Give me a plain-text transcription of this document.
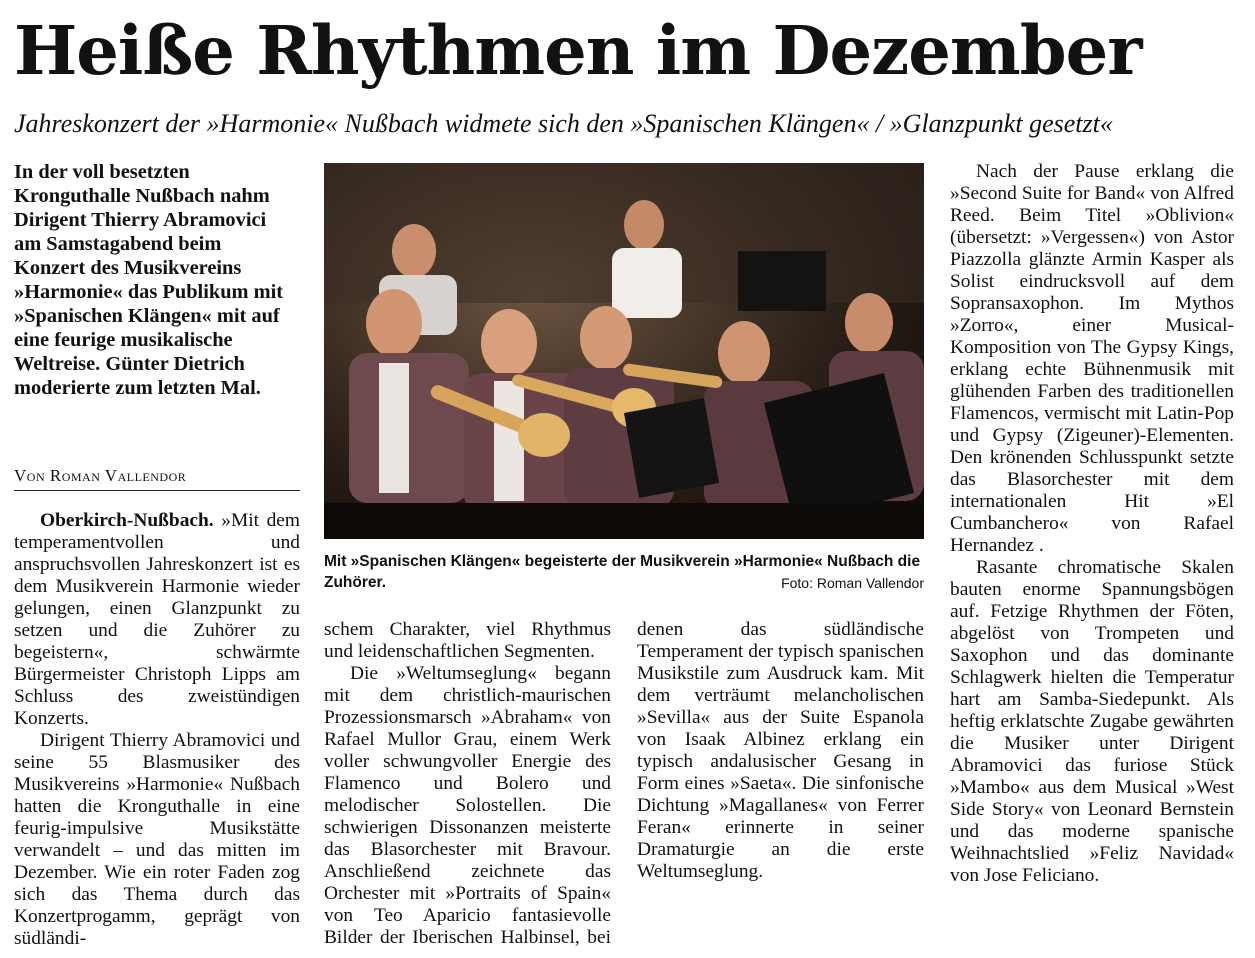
Heiße Rhythmen im Dezember
Jahreskonzert der »Harmonie« Nußbach widmete sich den »Spanischen Klängen« / »Glanzpunkt gesetzt«
In der voll besetzten Kronguthalle Nußbach nahm Dirigent Thierry Abramovici am Samstagabend beim Konzert des Musikvereins »Harmonie« das Publikum mit »Spanischen Klängen« mit auf eine feurige musikalische Weltreise. Günter Dietrich moderierte zum letzten Mal.
Von Roman Vallendor

Oberkirch-Nußbach. »Mit dem temperamentvollen und anspruchsvollen Jahreskonzert ist es dem Musikverein Harmonie wieder gelungen, einen Glanzpunkt zu setzen und die Zuhörer zu begeistern«, schwärmte Bürgermeister Christoph Lipps am Schluss des zweistündigen Konzerts.

Dirigent Thierry Abramovici und seine 55 Blasmusiker des Musikvereins »Harmonie« Nußbach hatten die Kronguthalle in eine feurig-impulsive Musikstätte verwandelt – und das mitten im Dezember. Wie ein roter Faden zog sich das Thema durch das Konzertprogamm, geprägt von südländi-

Mit »Spanischen Klängen« begeisterte der Musikverein »Harmonie« Nußbach die Zuhörer.	Foto: Roman Vallendor

schem Charakter, viel Rhythmus und leidenschaftlichen Segmenten.

Die »Weltumseglung« begann mit dem christlich-maurischen Prozessionsmarsch »Abraham« von Rafael Mullor Grau, einem Werk voller schwungvoller Energie des Flamenco und Bolero und melodischer Solostellen. Die schwierigen Dissonanzen meisterte das Blasorchester mit Bravour. Anschließend zeichnete das Orchester mit »Portraits of Spain« von Teo Aparicio fantasievolle Bilder der Iberischen Halbinsel, bei denen das südländische Temperament der typisch spanischen Musikstile zum Ausdruck kam. Mit dem verträumt melancholischen »Sevilla« aus der Suite Espanola von Isaak Albinez erklang ein typisch andalusischer Gesang in Form eines »Saeta«. Die sinfonische Dichtung »Magallanes« von Ferrer Feran« erinnerte in seiner Dramaturgie an die erste Weltumseglung.

Nach der Pause erklang die »Second Suite for Band« von Alfred Reed. Beim Titel »Oblivion« (übersetzt: »Vergessen«) von Astor Piazzolla glänzte Armin Kasper als Solist eindrucksvoll auf dem Sopransaxophon. Im Mythos »Zorro«, einer Musical-Komposition von The Gypsy Kings, erklang echte Bühnenmusik mit glühenden Farben des traditionellen Flamencos, vermischt mit Latin-Pop und Gypsy (Zigeuner)-Elementen. Den krönenden Schlusspunkt setzte das Blasorchester mit dem internationalen Hit »El Cumbanchero« von Rafael Hernandez .

Rasante chromatische Skalen bauten enorme Spannungsbögen auf. Fetzige Rhythmen der Föten, abgelöst von Trompeten und Saxophon und das dominante Schlagwerk hielten die Temperatur hart am Samba-Siedepunkt. Als heftig erklatschte Zugabe gewährten die Musiker unter Dirigent Abramovici das furiose Stück »Mambo« aus dem Musical »West Side Story« von Leonard Bernstein und das moderne spanische Weihnachtslied »Feliz Navidad« von Jose Feliciano.
